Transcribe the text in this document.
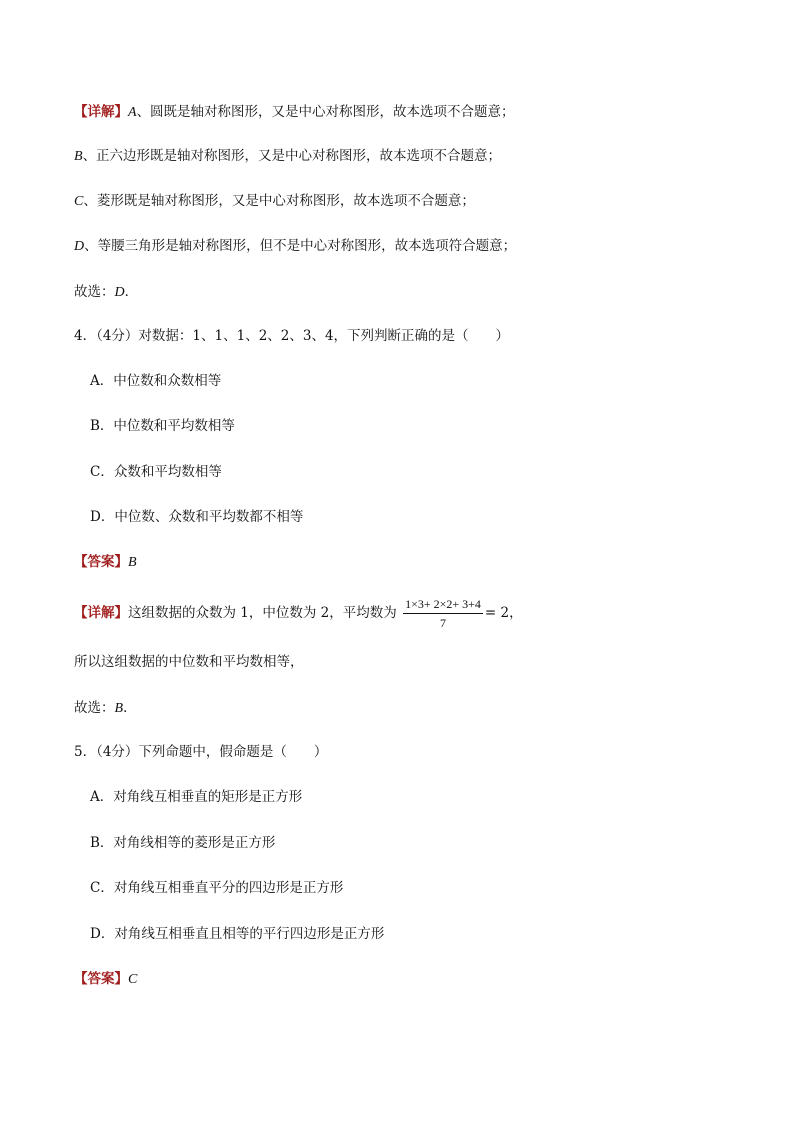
【详解】A、圆既是轴对称图形，又是中心对称图形，故本选项不合题意；
B、正六边形既是轴对称图形，又是中心对称图形，故本选项不合题意；
C、菱形既是轴对称图形，又是中心对称图形，故本选项不合题意；
D、等腰三角形是轴对称图形，但不是中心对称图形，故本选项符合题意；
故选：D．
4．（4分）对数据：1、1、1、2、2、3、4，下列判断正确的是（　　）
A．中位数和众数相等
B．中位数和平均数相等
C．众数和平均数相等
D．中位数、众数和平均数都不相等
【答案】B
【详解】这组数据的众数为 1，中位数为 2，平均数为 $\frac{1\times 3+ 2\times 2+ 3+4}{7} = 2$，
所以这组数据的中位数和平均数相等，
故选：B．
5．（4分）下列命题中，假命题是（　　）
A．对角线互相垂直的矩形是正方形
B．对角线相等的菱形是正方形
C．对角线互相垂直平分的四边形是正方形
D．对角线互相垂直且相等的平行四边形是正方形
【答案】C
